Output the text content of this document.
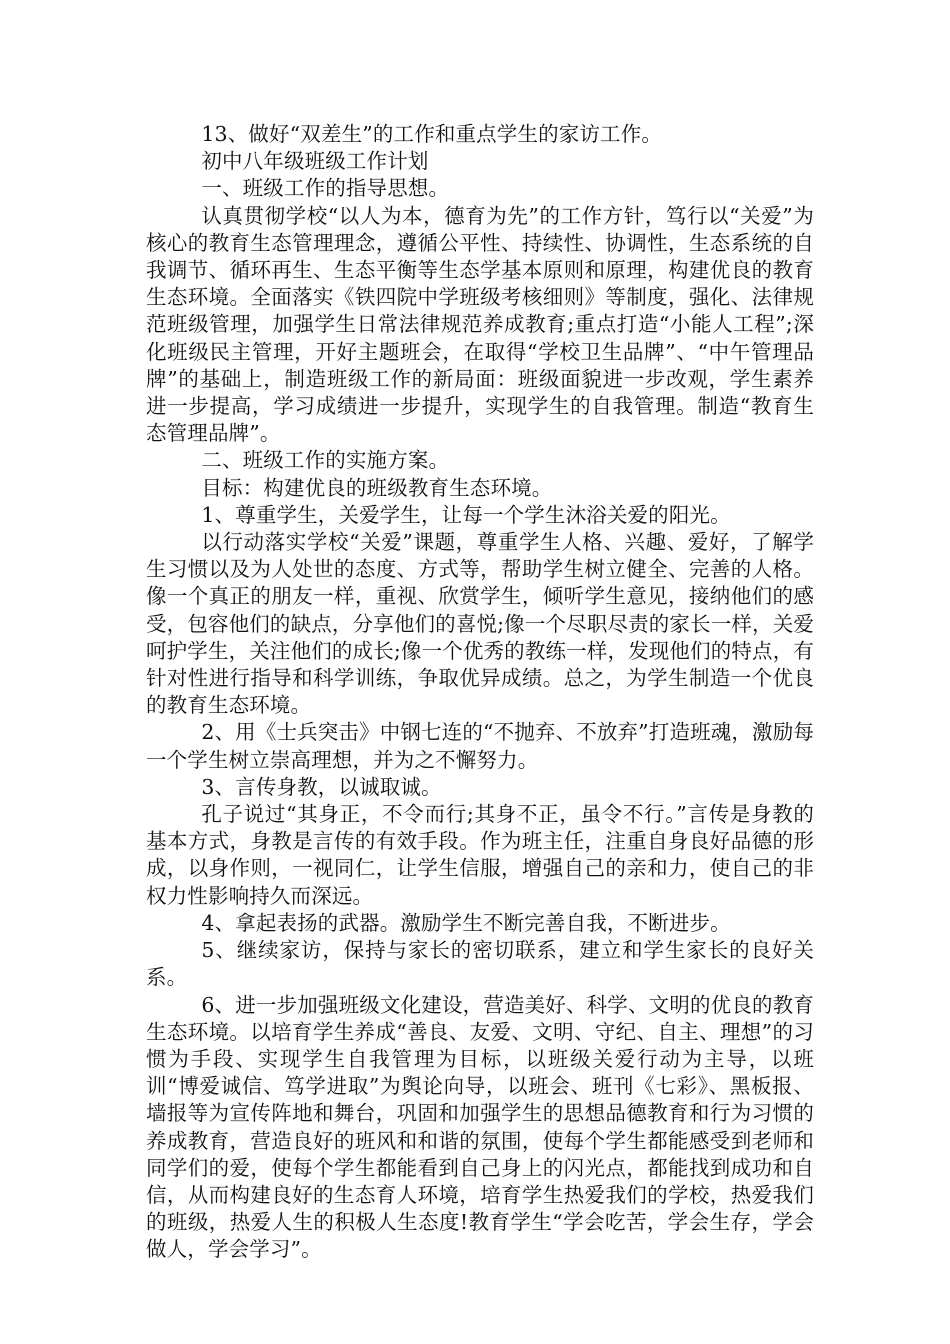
13、做好“双差生”的工作和重点学生的家访工作。

初中八年级班级工作计划

一、班级工作的指导思想。

认真贯彻学校“以人为本，德育为先”的工作方针，笃行以“关爱”为核心的教育生态管理理念，遵循公平性、持续性、协调性，生态系统的自我调节、循环再生、生态平衡等生态学基本原则和原理，构建优良的教育生态环境。全面落实《铁四院中学班级考核细则》等制度，强化、法律规范班级管理，加强学生日常法律规范养成教育;重点打造“小能人工程”;深化班级民主管理，开好主题班会，在取得“学校卫生品牌”、“中午管理品牌”的基础上，制造班级工作的新局面：班级面貌进一步改观，学生素养进一步提高，学习成绩进一步提升，实现学生的自我管理。制造“教育生态管理品牌”。

二、班级工作的实施方案。

目标：构建优良的班级教育生态环境。

1、尊重学生，关爱学生，让每一个学生沐浴关爱的阳光。

以行动落实学校“关爱”课题，尊重学生人格、兴趣、爱好，了解学生习惯以及为人处世的态度、方式等，帮助学生树立健全、完善的人格。像一个真正的朋友一样，重视、欣赏学生，倾听学生意见，接纳他们的感受，包容他们的缺点，分享他们的喜悦;像一个尽职尽责的家长一样，关爱呵护学生，关注他们的成长;像一个优秀的教练一样，发现他们的特点，有针对性进行指导和科学训练，争取优异成绩。总之，为学生制造一个优良的教育生态环境。

2、用《士兵突击》中钢七连的“不抛弃、不放弃”打造班魂，激励每一个学生树立崇高理想，并为之不懈努力。

3、言传身教，以诚取诚。

孔子说过“其身正，不令而行;其身不正，虽令不行。”言传是身教的基本方式，身教是言传的有效手段。作为班主任，注重自身良好品德的形成，以身作则，一视同仁，让学生信服，增强自己的亲和力，使自己的非权力性影响持久而深远。

4、拿起表扬的武器。激励学生不断完善自我，不断进步。

5、继续家访，保持与家长的密切联系，建立和学生家长的良好关系。

6、进一步加强班级文化建设，营造美好、科学、文明的优良的教育生态环境。以培育学生养成“善良、友爱、文明、守纪、自主、理想”的习惯为手段、实现学生自我管理为目标，以班级关爱行动为主导，以班训“博爱诚信、笃学进取”为舆论向导，以班会、班刊《七彩》、黑板报、墙报等为宣传阵地和舞台，巩固和加强学生的思想品德教育和行为习惯的养成教育，营造良好的班风和和谐的氛围，使每个学生都能感受到老师和同学们的爱，使每个学生都能看到自己身上的闪光点，都能找到成功和自信，从而构建良好的生态育人环境，培育学生热爱我们的学校，热爱我们的班级，热爱人生的积极人生态度!教育学生“学会吃苦，学会生存，学会做人，学会学习”。
